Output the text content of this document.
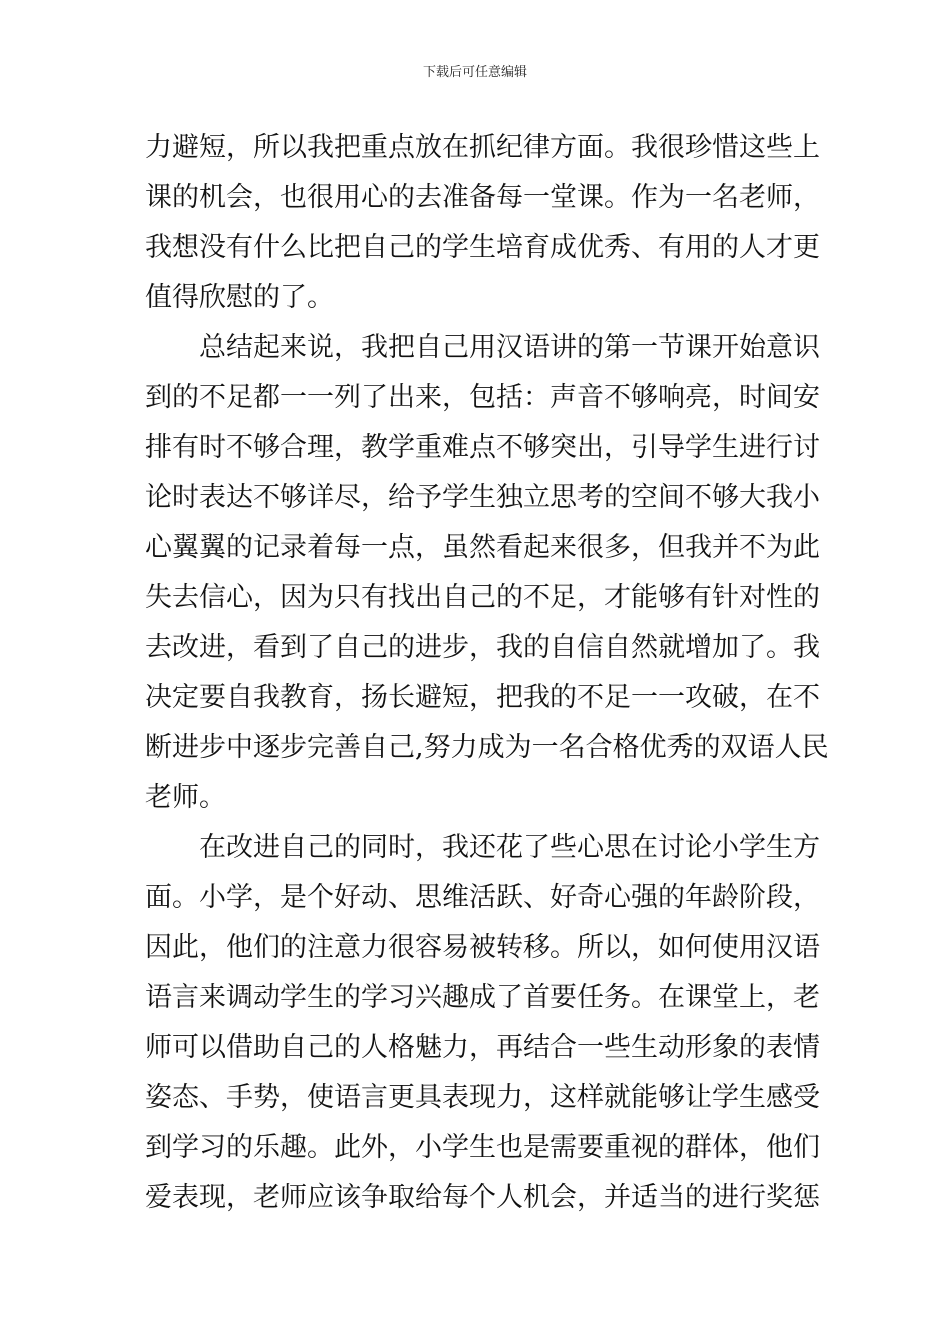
下载后可任意编辑
力避短，所以我把重点放在抓纪律方面。我很珍惜这些上
课的机会，也很用心的去准备每一堂课。作为一名老师，
我想没有什么比把自己的学生培育成优秀、有用的人才更
值得欣慰的了。
　　总结起来说，我把自己用汉语讲的第一节课开始意识
到的不足都一一列了出来，包括：声音不够响亮，时间安
排有时不够合理，教学重难点不够突出，引导学生进行讨
论时表达不够详尽，给予学生独立思考的空间不够大我小
心翼翼的记录着每一点，虽然看起来很多，但我并不为此
失去信心，因为只有找出自己的不足，才能够有针对性的
去改进，看到了自己的进步，我的自信自然就增加了。我
决定要自我教育，扬长避短，把我的不足一一攻破，在不
断进步中逐步完善自己,努力成为一名合格优秀的双语人民
老师。
　　在改进自己的同时，我还花了些心思在讨论小学生方
面。小学，是个好动、思维活跃、好奇心强的年龄阶段，
因此，他们的注意力很容易被转移。所以，如何使用汉语
语言来调动学生的学习兴趣成了首要任务。在课堂上，老
师可以借助自己的人格魅力，再结合一些生动形象的表情
姿态、手势，使语言更具表现力，这样就能够让学生感受
到学习的乐趣。此外，小学生也是需要重视的群体，他们
爱表现，老师应该争取给每个人机会，并适当的进行奖惩
